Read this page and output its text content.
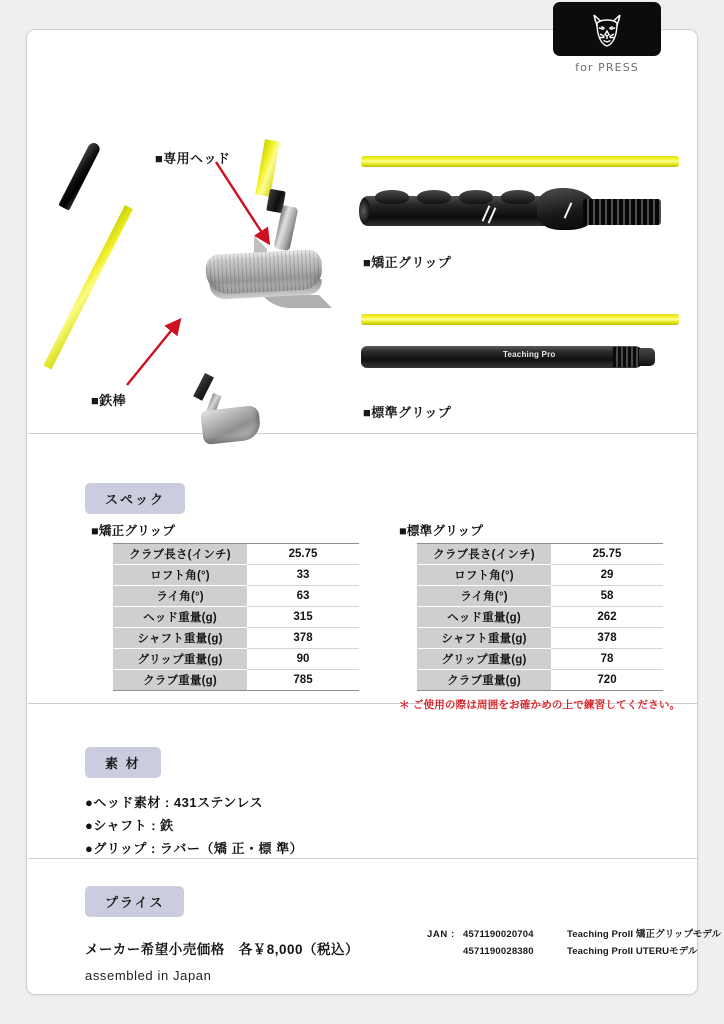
■専用ヘッド
■鉄棒
■矯正グリップ
Teaching Pro
■標準グリップ
スペック
■矯正グリップ	■標準グリップ
クラブ長さ(インチ)	25.75
ロフト角(°)	33
ライ角(°)	63
ヘッド重量(g)	315
シャフト重量(g)	378
グリップ重量(g)	90
クラブ重量(g)	785
クラブ長さ(インチ)	25.75
ロフト角(°)	29
ライ角(°)	58
ヘッド重量(g)	262
シャフト重量(g)	378
グリップ重量(g)	78
クラブ重量(g)	720
＊ ご使用の際は周囲をお確かめの上で練習してください。
素 材
●ヘッド素材 : 431ステンレス
●シャフト : 鉄
●グリップ : ラバー（矯 正・標 準）
プライス
メーカー希望小売価格　各￥8,000（税込）
assembled in Japan
JAN : 4571190020704	Teaching ProII 矯正グリップモデル
4571190028380	Teaching ProII UTERUモデル
for PRESS
